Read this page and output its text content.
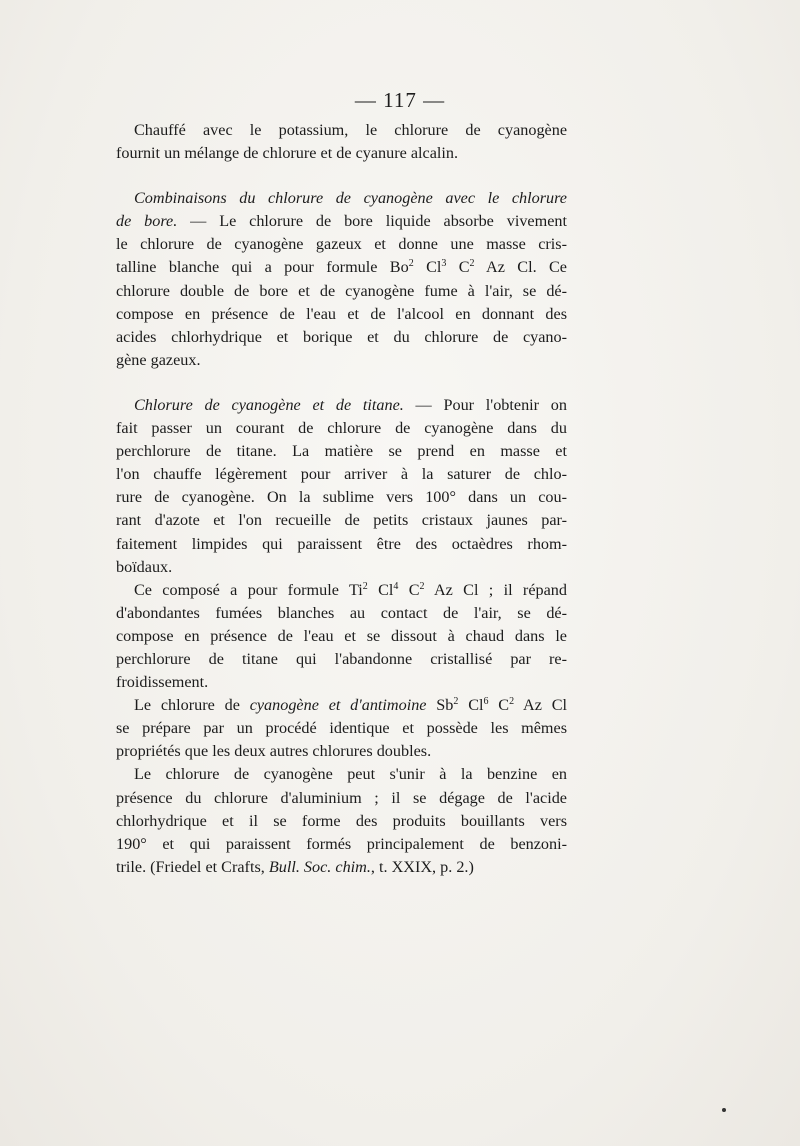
— 117 —

Chauffé avec le potassium, le chlorure de cyanogène
fournit un mélange de chlorure et de cyanure alcalin.

Combinaisons du chlorure de cyanogène avec le chlorure
de bore. — Le chlorure de bore liquide absorbe vivement
le chlorure de cyanogène gazeux et donne une masse cris-
talline blanche qui a pour formule Bo$^2$ Cl$^3$ $C^2$ Az Cl. Ce
chlorure double de bore et de cyanogène fume à l'air, se dé-
compose en présence de l'eau et de l'alcool en donnant des
acides chlorhydrique et borique et du chlorure de cyano-
gène gazeux.

Chlorure de cyanogène et de titane. — Pour l'obtenir on
fait passer un courant de chlorure de cyanogène dans du
perchlorure de titane. La matière se prend en masse et
l'on chauffe légèrement pour arriver à la saturer de chlo-
rure de cyanogène. On la sublime vers 100° dans un cou-
rant d'azote et l'on recueille de petits cristaux jaunes par-
faitement limpides qui paraissent être des octaèdres rhom-
boïdaux.

Ce composé a pour formule Ti$^2$ Cl$^4$ $C^2$ Az Cl ; il répand
d'abondantes fumées blanches au contact de l'air, se dé-
compose en présence de l'eau et se dissout à chaud dans le
perchlorure de titane qui l'abandonne cristallisé par re-
froidissement.

Le chlorure de cyanogène et d'antimoine Sb$^2$ Cl$^6$ $C^2$ Az Cl
se prépare par un procédé identique et possède les mêmes
propriétés que les deux autres chlorures doubles.

Le chlorure de cyanogène peut s'unir à la benzine en
présence du chlorure d'aluminium ; il se dégage de l'acide
chlorhydrique et il se forme des produits bouillants vers
190° et qui paraissent formés principalement de benzoni-
trile. (Friedel et Crafts, Bull. Soc. chim., t. XXIX, p. 2.)
